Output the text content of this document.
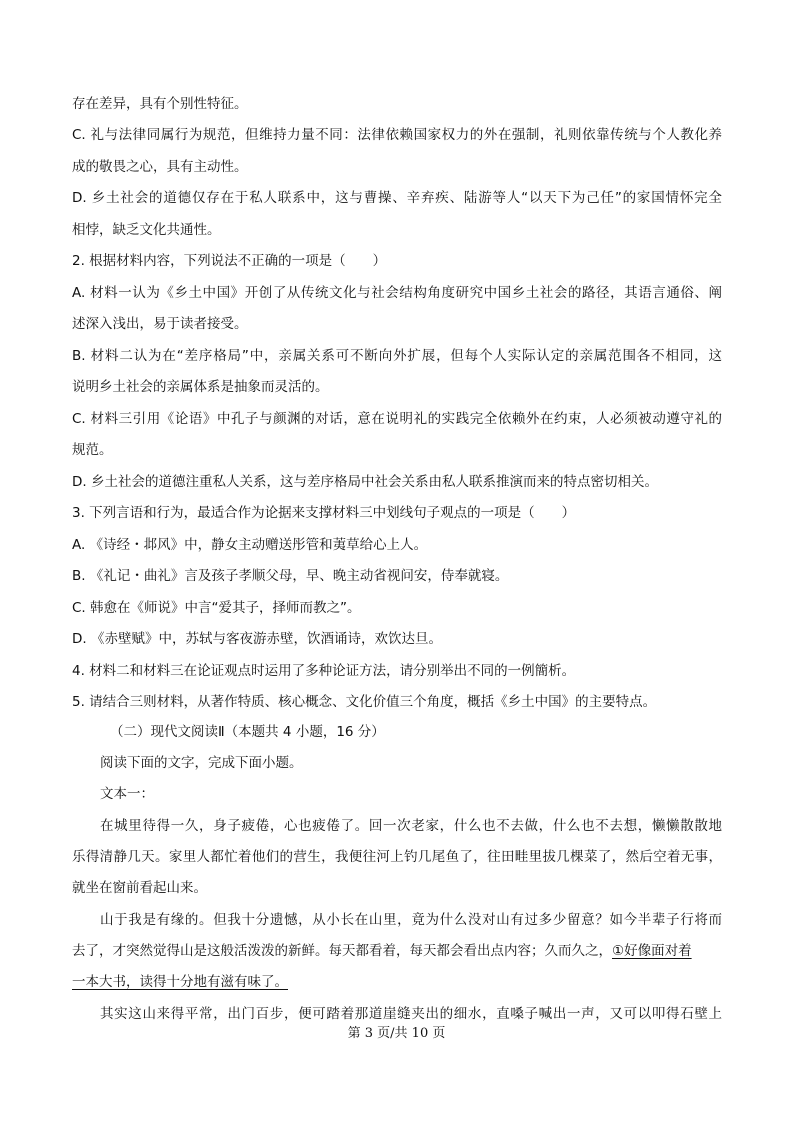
存在差异，具有个别性特征。
C. 礼与法律同属行为规范，但维持力量不同：法律依赖国家权力的外在强制，礼则依靠传统与个人教化养
成的敬畏之心，具有主动性。
D. 乡土社会的道德仅存在于私人联系中，这与曹操、辛弃疾、陆游等人“以天下为己任”的家国情怀完全
相悖，缺乏文化共通性。
2. 根据材料内容，下列说法不正确的一项是（　　）
A. 材料一认为《乡土中国》开创了从传统文化与社会结构角度研究中国乡土社会的路径，其语言通俗、阐
述深入浅出，易于读者接受。
B. 材料二认为在“差序格局”中，亲属关系可不断向外扩展，但每个人实际认定的亲属范围各不相同，这
说明乡土社会的亲属体系是抽象而灵活的。
C. 材料三引用《论语》中孔子与颜渊的对话，意在说明礼的实践完全依赖外在约束，人必须被动遵守礼的
规范。
D. 乡土社会的道德注重私人关系，这与差序格局中社会关系由私人联系推演而来的特点密切相关。
3. 下列言语和行为，最适合作为论据来支撑材料三中划线句子观点的一项是（　　）
A. 《诗经・邶风》中，静女主动赠送彤管和荑草给心上人。
B. 《礼记・曲礼》言及孩子孝顺父母，早、晚主动省视问安，侍奉就寝。
C. 韩愈在《师说》中言“爱其子，择师而教之”。
D. 《赤壁赋》中，苏轼与客夜游赤壁，饮酒诵诗，欢饮达旦。
4. 材料二和材料三在论证观点时运用了多种论证方法，请分别举出不同的一例簡析。
5. 请结合三则材料，从著作特质、核心概念、文化价值三个角度，概括《乡土中国》的主要特点。
（二）现代文阅读Ⅱ（本题共 4 小题，16 分）
阅读下面的文字，完成下面小题。
文本一：
在城里待得一久，身子疲倦，心也疲倦了。回一次老家，什么也不去做，什么也不去想，懒懒散散地
乐得清静几天。家里人都忙着他们的营生，我便往河上钓几尾鱼了，往田畦里拔几棵菜了，然后空着无事，
就坐在窗前看起山来。
山于我是有缘的。但我十分遗憾，从小长在山里，竟为什么没对山有过多少留意？如今半辈子行将而
去了，才突然觉得山是这般活泼泼的新鲜。每天都看着，每天都会看出点内容；久而久之，①好像面对着
一本大书，读得十分地有滋有味了。
其实这山来得平常，出门百步，便可踏着那道崖缝夹出的细水，直嗓子喊出一声，又可以叩得石壁上
第 3 页/共 10 页
